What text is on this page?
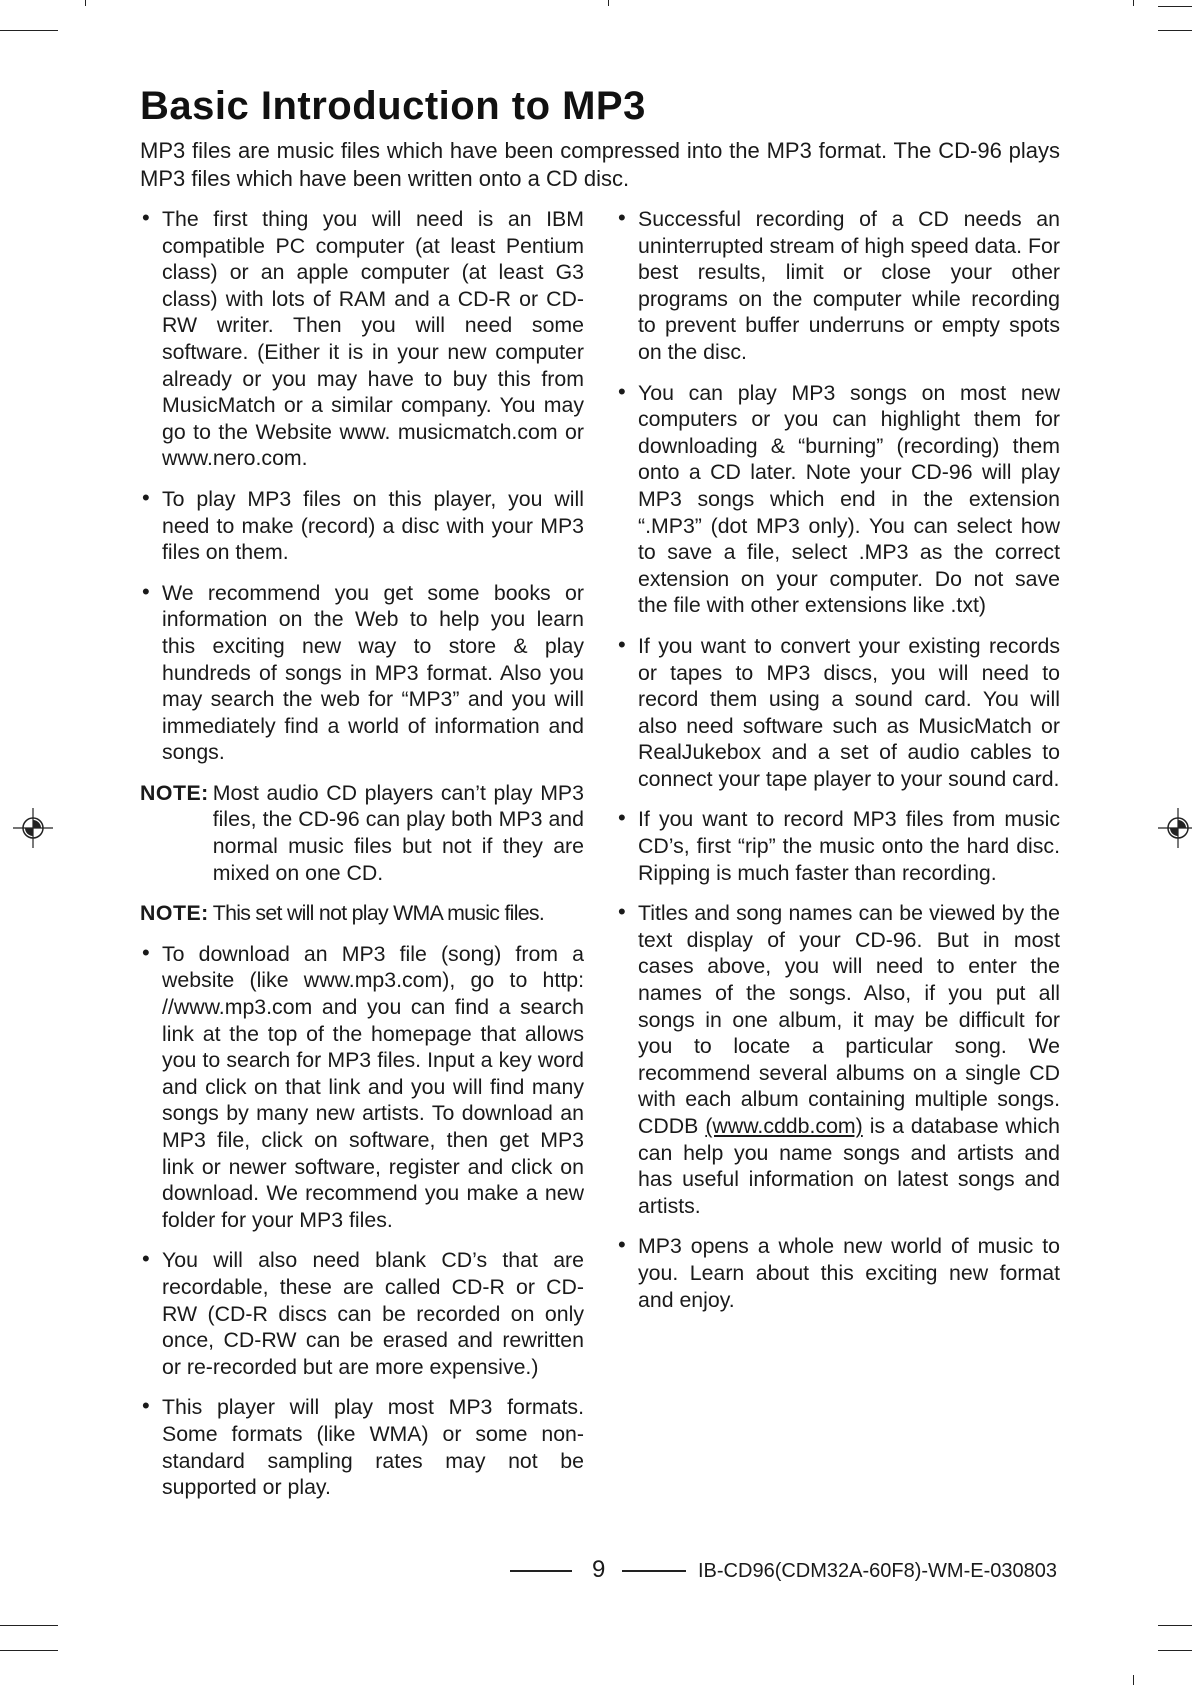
Basic Introduction to MP3

MP3 files are music files which have been compressed into the MP3 format. The CD-96 plays MP3 files which have been written onto a CD disc.

• The first thing you will need is an IBM compatible PC computer (at least Pentium class) or an apple computer (at least G3 class) with lots of RAM and a CD-R or CD-RW writer. Then you will need some software. (Either it is in your new computer already or you may have to buy this from MusicMatch or a similar company. You may go to the Website www. musicmatch.com or www.nero.com.
• To play MP3 files on this player, you will need to make (record) a disc with your MP3 files on them.
• We recommend you get some books or information on the Web to help you learn this exciting new way to store & play hundreds of songs in MP3 format. Also you may search the web for “MP3” and you will immediately find a world of information and songs.
NOTE: Most audio CD players can’t play MP3 files, the CD-96 can play both MP3 and normal music files but not if they are mixed on one CD.
NOTE: This set will not play WMA music files.
• To download an MP3 file (song) from a website (like www.mp3.com), go to http: //www.mp3.com and you can find a search link at the top of the homepage that allows you to search for MP3 files. Input a key word and click on that link and you will find many songs by many new artists. To download an MP3 file, click on software, then get MP3 link or newer software, register and click on download. We recommend you make a new folder for your MP3 files.
• You will also need blank CD’s that are recordable, these are called CD-R or CD-RW (CD-R discs can be recorded on only once, CD-RW can be erased and rewritten or re-recorded but are more expensive.)
• This player will play most MP3 formats. Some formats (like WMA) or some non-standard sampling rates may not be supported or play.
• Successful recording of a CD needs an uninterrupted stream of high speed data. For best results, limit or close your other programs on the computer while recording to prevent buffer underruns or empty spots on the disc.
• You can play MP3 songs on most new computers or you can highlight them for downloading & “burning” (recording) them onto a CD later. Note your CD-96 will play MP3 songs which end in the extension “.MP3” (dot MP3 only). You can select how to save a file, select .MP3 as the correct extension on your computer. Do not save the file with other extensions like .txt)
• If you want to convert your existing records or tapes to MP3 discs, you will need to record them using a sound card. You will also need software such as MusicMatch or RealJukebox and a set of audio cables to connect your tape player to your sound card.
• If you want to record MP3 files from music CD’s, first “rip” the music onto the hard disc. Ripping is much faster than recording.
• Titles and song names can be viewed by the text display of your CD-96. But in most cases above, you will need to enter the names of the songs. Also, if you put all songs in one album, it may be difficult for you to locate a particular song. We recommend several albums on a single CD with each album containing multiple songs. CDDB (www.cddb.com) is a database which can help you name songs and artists and has useful information on latest songs and artists.
• MP3 opens a whole new world of music to you. Learn about this exciting new format and enjoy.
9	IB-CD96(CDM32A-60F8)-WM-E-030803
